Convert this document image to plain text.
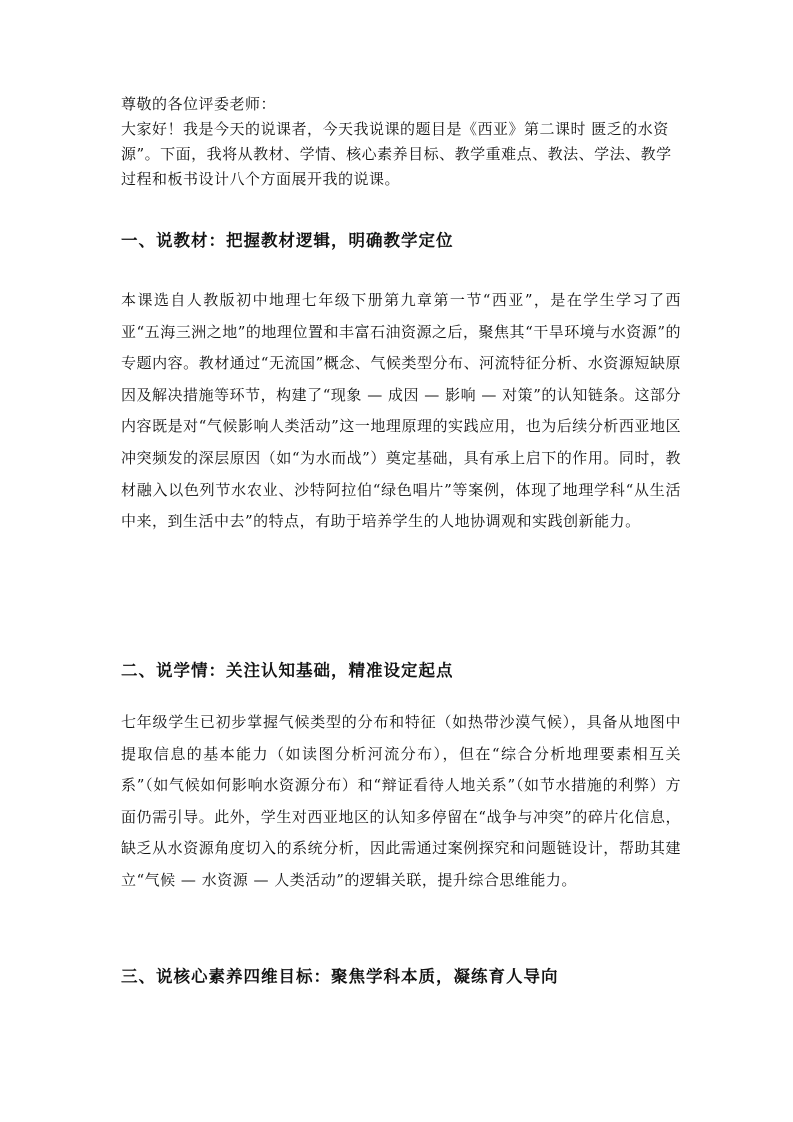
尊敬的各位评委老师：

大家好！我是今天的说课者，今天我说课的题目是《西亚》第二课时 匮乏的水资源”。下面，我将从教材、学情、核心素养目标、教学重难点、教法、学法、教学过程和板书设计八个方面展开我的说课。

一、说教材：把握教材逻辑，明确教学定位

本课选自人教版初中地理七年级下册第九章第一节“西亚”，是在学生学习了西亚“五海三洲之地”的地理位置和丰富石油资源之后，聚焦其“干旱环境与水资源”的专题内容。教材通过“无流国”概念、气候类型分布、河流特征分析、水资源短缺原因及解决措施等环节，构建了“现象 — 成因 — 影响 — 对策”的认知链条。这部分内容既是对“气候影响人类活动”这一地理原理的实践应用，也为后续分析西亚地区冲突频发的深层原因（如“为水而战”）奠定基础，具有承上启下的作用。同时，教材融入以色列节水农业、沙特阿拉伯“绿色唱片”等案例，体现了地理学科“从生活中来，到生活中去”的特点，有助于培养学生的人地协调观和实践创新能力。

二、说学情：关注认知基础，精准设定起点

七年级学生已初步掌握气候类型的分布和特征（如热带沙漠气候），具备从地图中提取信息的基本能力（如读图分析河流分布），但在“综合分析地理要素相互关系”（如气候如何影响水资源分布）和“辩证看待人地关系”（如节水措施的利弊）方面仍需引导。此外，学生对西亚地区的认知多停留在“战争与冲突”的碎片化信息，缺乏从水资源角度切入的系统分析，因此需通过案例探究和问题链设计，帮助其建立“气候 — 水资源 — 人类活动”的逻辑关联，提升综合思维能力。

三、说核心素养四维目标：聚焦学科本质，凝练育人导向
